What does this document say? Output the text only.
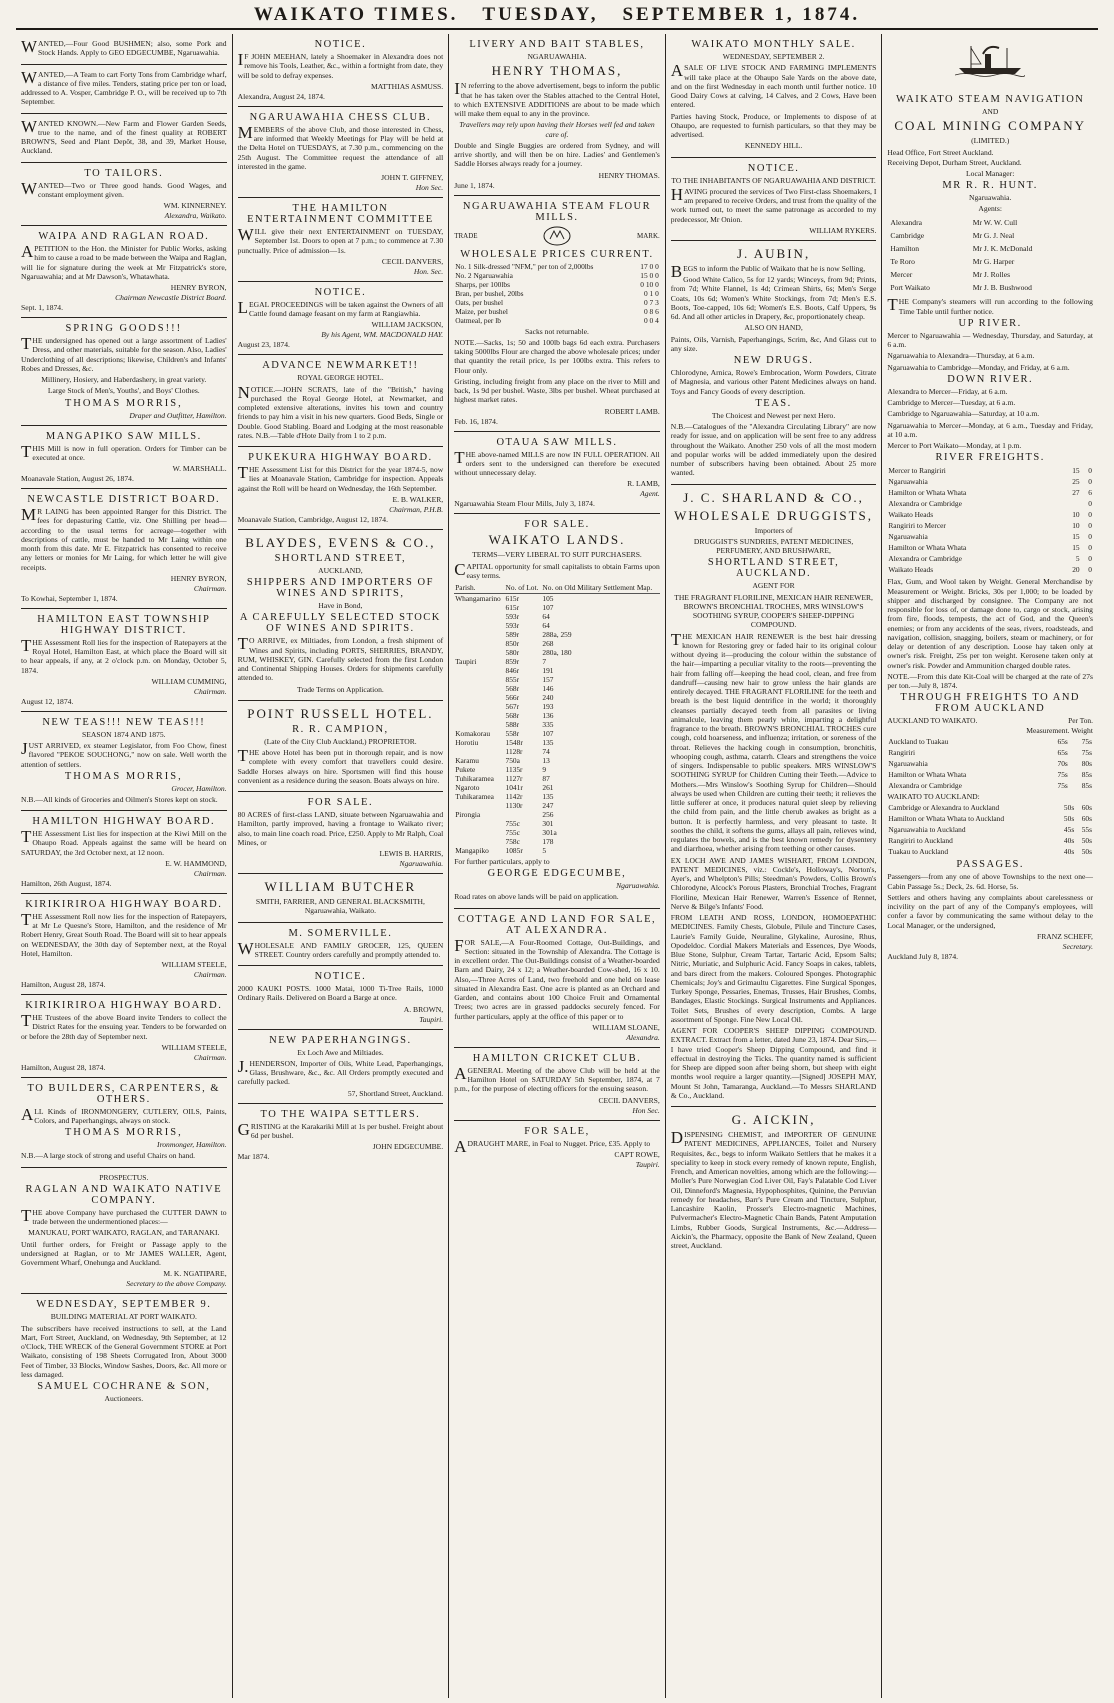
WAIKATO TIMES. TUESDAY, SEPTEMBER 1, 1874.

WANTED,—Four Good BUSHMEN; also, some Pork and Stock Hands. Apply to GEO EDGECUMBE, Ngaruawahia.

WANTED,—A Team to cart Forty Tons from Cambridge wharf, a distance of five miles. Tenders, stating price per ton or load, addressed to A. Vosper, Cambridge P. O., will be received up to 7th September.

WANTED KNOWN.—New Farm and Flower Garden Seeds, true to the name, and of the finest quality at ROBERT BROWN'S, Seed and Plant Depôt, 38, and 39, Market House, Auckland.

TO TAILORS.

WANTED—Two or Three good hands. Good Wages, and constant employment given.

WM. KINNERNEY.
Alexandra, Waikato.
WAIPA AND RAGLAN ROAD.

APETITION to the Hon. the Minister for Public Works, asking him to cause a road to be made between the Waipa and Raglan, will lie for signature during the week at Mr Fitzpatrick's store, Ngaruawahia; and at Mr Dawson's, Whatawhata.

HENRY BYRON,
Chairman Newcastle District Board.
Sept. 1, 1874.
SPRING GOODS!!!

THE undersigned has opened out a large assortment of Ladies' Dress, and other materials, suitable for the season. Also, Ladies' Underclothing of all descriptions; likewise, Children's and Infants' Robes and Dresses, &c.

Millinery, Hosiery, and Haberdashery, in great variety.

Large Stock of Men's, Youths', and Boys' Clothes.

THOMAS MORRIS,
Draper and Outfitter, Hamilton.
MANGAPIKO SAW MILLS.

THIS Mill is now in full operation. Orders for Timber can be executed at once.

W. MARSHALL.
Moanavale Station, August 26, 1874.
NEWCASTLE DISTRICT BOARD.

MR LAING has been appointed Ranger for this District. The fees for depasturing Cattle, viz. One Shilling per head—according to the usual terms for acreage—together with descriptions of cattle, must be handed to Mr Laing within one month from this date. Mr E. Fitzpatrick has consented to receive any letters or monies for Mr Laing, for which letter he will give receipts.

HENRY BYRON,
Chairman.
To Kowhai, September 1, 1874.
HAMILTON EAST TOWNSHIP HIGHWAY DISTRICT.

THE Assessment Roll lies for the inspection of Ratepayers at the Royal Hotel, Hamilton East, at which place the Board will sit to hear appeals, if any, at 2 o'clock p.m. on Monday, October 5, 1874.

WILLIAM CUMMING,
Chairman.
August 12, 1874.
NEW TEAS!!! NEW TEAS!!!
SEASON 1874 AND 1875.

JUST ARRIVED, ex steamer Legislator, from Foo Chow, finest flavored "PEKOE SOUCHONG," now on sale. Well worth the attention of settlers.

THOMAS MORRIS,
Grocer, Hamilton.

N.B.—All kinds of Groceries and Oilmen's Stores kept on stock.

HAMILTON HIGHWAY BOARD.

THE Assessment List lies for inspection at the Kiwi Mill on the Ohaupo Road. Appeals against the same will be heard on SATURDAY, the 3rd October next, at 12 noon.

E. W. HAMMOND,
Chairman.
Hamilton, 26th August, 1874.
KIRIKIRIROA HIGHWAY BOARD.

THE Assessment Roll now lies for the inspection of Ratepayers, at Mr Le Quesne's Store, Hamilton, and the residence of Mr Robert Henry, Great South Road. The Board will sit to hear appeals on WEDNESDAY, the 30th day of September next, at the Royal Hotel, Hamilton.

WILLIAM STEELE,
Chairman.
Hamilton, August 28, 1874.
KIRIKIRIROA HIGHWAY BOARD.

THE Trustees of the above Board invite Tenders to collect the District Rates for the ensuing year. Tenders to be forwarded on or before the 28th day of September next.

WILLIAM STEELE,
Chairman.
Hamilton, August 28, 1874.
TO BUILDERS, CARPENTERS, & OTHERS.

ALL Kinds of IRONMONGERY, CUTLERY, OILS, Paints, Colors, and Paperhangings, always on stock.

THOMAS MORRIS,
Ironmonger, Hamilton.

N.B.—A large stock of strong and useful Chairs on hand.

PROSPECTUS.
RAGLAN AND WAIKATO NATIVE COMPANY.

THE above Company have purchased the CUTTER DAWN to trade between the undermentioned places:—

MANUKAU, PORT WAIKATO, RAGLAN, and TARANAKI.

Until further orders, for Freight or Passage apply to the undersigned at Raglan, or to Mr JAMES WALLER, Agent, Government Wharf, Onehunga and Auckland.

M. K. NGATIPARE,
Secretary to the above Company.
WEDNESDAY, SEPTEMBER 9.
BUILDING MATERIAL AT PORT WAIKATO.

The subscribers have received instructions to sell, at the Land Mart, Fort Street, Auckland, on Wednesday, 9th September, at 12 o'Clock, THE WRECK of the General Government STORE at Port Waikato, consisting of 198 Sheets Corrugated Iron, About 3000 Feet of Timber, 33 Blocks, Window Sashes, Doors, &c. All more or less damaged.

SAMUEL COCHRANE & SON,
Auctioneers.
NOTICE.

IF JOHN MEEHAN, lately a Shoemaker in Alexandra does not remove his Tools, Leather, &c., within a fortnight from date, they will be sold to defray expenses.

MATTHIAS ASMUSS.
Alexandra, August 24, 1874.
NGARUAWAHIA CHESS CLUB.

MEMBERS of the above Club, and those interested in Chess, are informed that Weekly Meetings for Play will be held at the Delta Hotel on TUESDAYS, at 7.30 p.m., commencing on the 25th August. The Committee request the attendance of all interested in the game.

JOHN T. GIFFNEY,
Hon Sec.
THE HAMILTON ENTERTAINMENT COMMITTEE

WILL give their next ENTERTAINMENT on TUESDAY, September 1st. Doors to open at 7 p.m.; to commence at 7.30 punctually. Price of admission—1s.

CECIL DANVERS,
Hon. Sec.
NOTICE.

LEGAL PROCEEDINGS will be taken against the Owners of all Cattle found damage feasant on my farm at Rangiawhia.

WILLIAM JACKSON,
By his Agent, WM. MACDONALD HAY.
August 23, 1874.
ADVANCE NEWMARKET!!
ROYAL GEORGE HOTEL.

NOTICE.—JOHN SCRATS, late of the "British," having purchased the Royal George Hotel, at Newmarket, and completed extensive alterations, invites his town and country friends to pay him a visit in his new quarters. Good Beds, Single or Double. Good Stabling. Board and Lodging at the most reasonable rates. N.B.—Table d'Hote Daily from 1 to 2 p.m.

PUKEKURA HIGHWAY BOARD.

THE Assessment List for this District for the year 1874-5, now lies at Moanavale Station, Cambridge for inspection. Appeals against the Roll will be heard on Wednesday, the 16th September.

E. B. WALKER,
Chairman, P.H.B.
Moanavale Station, Cambridge, August 12, 1874.
BLAYDES, EVENS & CO.,
SHORTLAND STREET,
AUCKLAND,
SHIPPERS AND IMPORTERS OF WINES AND SPIRITS,
Have in Bond,
A CAREFULLY SELECTED STOCK OF WINES AND SPIRITS.

TO ARRIVE, ex Miltiades, from London, a fresh shipment of Wines and Spirits, including PORTS, SHERRIES, BRANDY, RUM, WHISKEY, GIN. Carefully selected from the first London and Continental Shipping Houses. Orders for shipments carefully attended to.

Trade Terms on Application.
POINT RUSSELL HOTEL.
R. R. CAMPION,
(Late of the City Club Auckland,) PROPRIETOR.

THE above Hotel has been put in thorough repair, and is now complete with every comfort that travellers could desire. Saddle Horses always on hire. Sportsmen will find this house convenient as a residence during the season. Boats always on hire.

FOR SALE.

80 ACRES of first-class LAND, situate between Ngaruawahia and Hamilton, partly improved, having a frontage to Waikato river; also, to main line coach road. Price, £250. Apply to Mr Ralph, Coal Mines, or

LEWIS B. HARRIS,
Ngaruawahia.
WILLIAM BUTCHER

SMITH, FARRIER, AND GENERAL BLACKSMITH, Ngaruawahia, Waikato.

M. SOMERVILLE.

WHOLESALE AND FAMILY GROCER, 125, QUEEN STREET. Country orders carefully and promptly attended to.

NOTICE.

2000 KAUKI POSTS. 1000 Matai, 1000 Ti-Tree Rails, 1000 Ordinary Rails. Delivered on Board a Barge at once.

A. BROWN,
Taupiri.
NEW PAPERHANGINGS.
Ex Loch Awe and Miltiades.

J.HENDERSON, Importer of Oils, White Lead, Paperhangings, Glass, Brushware, &c., &c. All Orders promptly executed and carefully packed.

57, Shortland Street, Auckland.
TO THE WAIPA SETTLERS.

GRISTING at the Karakariki Mill at 1s per bushel. Freight about 6d per bushel.

JOHN EDGECUMBE.
Mar 1874.
LIVERY AND BAIT STABLES,
NGARUAWAHIA.
HENRY THOMAS,

IN referring to the above advertisement, begs to inform the public that he has taken over the Stables attached to the Central Hotel, to which EXTENSIVE ADDITIONS are about to be made which will make them equal to any in the province.

Travellers may rely upon having their Horses well fed and taken care of.

Double and Single Buggies are ordered from Sydney, and will arrive shortly, and will then be on hire. Ladies' and Gentlemen's Saddle Horses always ready for a journey.

HENRY THOMAS.
June 1, 1874.
NGARUAWAHIA STEAM FLOUR MILLS.
TRADE	MARK.
WHOLESALE PRICES CURRENT.
No. 1 Silk-dressed "NFM," per ton of 2,000lbs	17 0 0
No. 2 Ngaruawahia	15 0 0
Sharps, per 100lbs	0 10 0
Bran, per bushel, 20lbs	0 1 0
Oats, per bushel	0 7 3
Maize, per bushel	0 8 6
Oatmeal, per lb	0 0 4
Sacks not returnable.

NOTE.—Sacks, 1s; 50 and 100lb bags 6d each extra. Purchasers taking 5000lbs Flour are charged the above wholesale prices; under that quantity the retail price, 1s per 100lbs extra. This refers to Flour only.

Gristing, including freight from any place on the river to Mill and back, 1s 9d per bushel. Waste, 3lbs per bushel. Wheat purchased at highest market rates.

ROBERT LAMB.
Feb. 16, 1874.
OTAUA SAW MILLS.

THE above-named MILLS are now IN FULL OPERATION. All orders sent to the undersigned can therefore be executed without unnecessary delay.

R. LAMB,
Agent.
Ngaruawahia Steam Flour Mills, July 3, 1874.
FOR SALE.
WAIKATO LANDS.
TERMS—VERY LIBERAL TO SUIT PURCHASERS.

CAPITAL opportunity for small capitalists to obtain Farms upon easy terms.

Parish.	No. of Lot.	No. on Old Military Settlement Map.
Whangamarino	615r	105
	615r	107
	593r	64
	593r	64
	589r	288a, 259
	850r	268
	580r	280a, 180
Taupiri	859r	7
	846r	191
	855r	157
	568r	146
	566r	240
	567r	193
	568r	136
	588r	335
Komakorau	558r	107
Horotiu	1548r	135
	1128r	74
Karamu	750a	13
Pukete	1135r	9
Tuhikaramea	1127r	87
Ngaroto	1041r	261
Tuhikaramea	1142r	135
	1130r	247
Pirongia		256
	755c	301
	755c	301a
	758c	178
Mangapiko	1085r	5

For further particulars, apply to

GEORGE EDGECUMBE,
Ngaruawahia.

Road rates on above lands will be paid on application.

COTTAGE AND LAND FOR SALE, AT ALEXANDRA.

FOR SALE,—A Four-Roomed Cottage, Out-Buildings, and Section: situated in the Township of Alexandra. The Cottage is in excellent order. The Out-Buildings consist of a Weather-boarded Barn and Dairy, 24 x 12; a Weather-boarded Cow-shed, 16 x 10. Also,—Three Acres of Land, two freehold and one held on lease situated in Alexandra East. One acre is planted as an Orchard and Garden, and contains about 100 Choice Fruit and Ornamental Trees; two acres are in grassed paddocks securely fenced. For further particulars, apply at the office of this paper or to

WILLIAM SLOANE,
Alexandra.
HAMILTON CRICKET CLUB.

AGENERAL Meeting of the above Club will be held at the Hamilton Hotel on SATURDAY 5th September, 1874, at 7 p.m., for the purpose of electing officers for the ensuing season.

CECIL DANVERS,
Hon Sec.
FOR SALE,

ADRAUGHT MARE, in Foal to Nugget. Price, £35. Apply to

CAPT ROWE,
Taupiri.
WAIKATO MONTHLY SALE.
WEDNESDAY, SEPTEMBER 2.

ASALE OF LIVE STOCK AND FARMING IMPLEMENTS will take place at the Ohaupo Sale Yards on the above date, and on the first Wednesday in each month until further notice. 10 Good Dairy Cows at calving, 14 Calves, and 2 Cows, Have been entered.

Parties having Stock, Produce, or Implements to dispose of at Ohaupo, are requested to furnish particulars, so that they may be advertised.

KENNEDY HILL.
NOTICE.
TO THE INHABITANTS OF NGARUAWAHIA AND DISTRICT.

HAVING procured the services of Two First-class Shoemakers, I am prepared to receive Orders, and trust from the quality of the work turned out, to meet the same patronage as accorded to my predecessor, Mr Onion.

WILLIAM RYKERS.
J. AUBIN,

BEGS to inform the Public of Waikato that he is now Selling,

Good White Calico, 5s for 12 yards; Winceys, from 9d; Prints, from 7d; White Flannel, 1s 4d; Crimean Shirts, 6s; Men's Serge Coats, 10s 6d; Women's White Stockings, from 7d; Men's E.S. Boots, Toe-capped, 10s 6d; Women's E.S. Boots, Calf Uppers, 9s 6d. And all other articles in Drapery, &c, proportionately cheap.

ALSO ON HAND,

Paints, Oils, Varnish, Paperhangings, Scrim, &c, And Glass cut to any size.

NEW DRUGS.

Chlorodyne, Arnica, Rowe's Embrocation, Worm Powders, Citrate of Magnesia, and various other Patent Medicines always on hand. Toys and Fancy Goods of every description.

TEAS.

The Choicest and Newest per next Hero.

N.B.—Catalogues of the "Alexandra Circulating Library" are now ready for issue, and on application will be sent free to any address throughout the Waikato. Another 250 vols of all the most modern and popular works will be added immediately upon the desired number of subscribers having been obtained. About 25 more wanted.

J. C. SHARLAND & CO.,
WHOLESALE DRUGGISTS,
Importers of
DRUGGIST'S SUNDRIES, PATENT MEDICINES, PERFUMERY, AND BRUSHWARE,
SHORTLAND STREET, AUCKLAND.
AGENT FOR
THE FRAGRANT FLORILINE, MEXICAN HAIR RENEWER, BROWN'S BRONCHIAL TROCHES, MRS WINSLOW'S SOOTHING SYRUP, COOPER'S SHEEP-DIPPING COMPOUND.

THE MEXICAN HAIR RENEWER is the best hair dressing known for Restoring grey or faded hair to its original colour without dyeing it—producing the colour within the substance of the hair—imparting a peculiar vitality to the roots—preventing the hair from falling off—keeping the head cool, clean, and free from dandruff—causing new hair to grow unless the hair glands are entirely decayed. THE FRAGRANT FLORILINE for the teeth and breath is the best liquid dentrifice in the world; it thoroughly cleanses partially decayed teeth from all parasites or living animalcule, leaving them pearly white, imparting a delightful fragrance to the breath. BROWN'S BRONCHIAL TROCHES cure cough, cold hoarseness, and influenza; irritation, or soreness of the throat. Relieves the hacking cough in consumption, bronchitis, whooping cough, asthma, catarrh. Clears and strengthens the voice of singers. Indispensable to public speakers. MRS WINSLOW'S SOOTHING SYRUP for Children Cutting their Teeth.—Advice to Mothers.—Mrs Winslow's Soothing Syrup for Children—Should always be used when Children are cutting their teeth; it relieves the little sufferer at once, it produces natural quiet sleep by relieving the child from pain, and the little cherub awakes as bright as a button. It is perfectly harmless, and very pleasant to taste. It soothes the child, it softens the gums, allays all pain, relieves wind, regulates the bowels, and is the best known remedy for dysentery and diarrhoea, whether arising from teething or other causes.

EX LOCH AWE AND JAMES WISHART, FROM LONDON, PATENT MEDICINES, viz.: Cockle's, Holloway's, Norton's, Ayer's, and Whelpton's Pills; Steedman's Powders, Collis Brown's Chlorodyne, Alcock's Porous Plasters, Bronchial Troches, Fragrant Floriline, Mexican Hair Renewer, Warren's Essence of Rennet, Nerve & Bilge's Infants' Food.

FROM LEATH AND ROSS, LONDON, HOMOEPATHIC MEDICINES. Family Chests, Globule, Pilule and Tincture Cases, Laurie's Family Guide, Neuraline, Glykaline, Aurosine, Rhus, Opodeldoc. Cordial Makers Materials and Essences, Dye Woods, Blue Stone, Sulphur, Cream Tartar, Tartaric Acid, Epsom Salts; Nitric, Muriatic, and Sulphuric Acid. Fancy Soaps in cakes, tablets, and bars direct from the makers. Coloured Sponges. Photographic Chemicals; Joy's and Grimaultu Cigarettes. Fine Surgical Sponges, Turkey Sponge, Pessaries, Enemas, Trusses, Hair Brushes, Combs, Bandages, Elastic Stockings. Surgical Instruments and Appliances. Toilet Sets, Brushes of every description, Combs. A large assortment of Sponge. Fine New Local Oil.

AGENT FOR COOPER'S SHEEP DIPPING COMPOUND. EXTRACT. Extract from a letter, dated June 23, 1874. Dear Sirs,—I have tried Cooper's Sheep Dipping Compound, and find it effectual in destroying the Ticks. The quantity named is sufficient for Sheep are dipped soon after being shorn, but sheep with eight months wool require a larger quantity.—[Signed] JOSEPH MAY, Mount St John, Tamaranga, Auckland.—To Messrs SHARLAND & Co., Auckland.

G. AICKIN,

DISPENSING CHEMIST, and IMPORTER OF GENUINE PATENT MEDICINES, APPLIANCES, Toilet and Nursery Requisites, &c., begs to inform Waikato Settlers that he makes it a speciality to keep in stock every remedy of known repute, English, French, and American novelties, among which are the following:—Moller's Pure Norwegian Cod Liver Oil, Fay's Palatable Cod Liver Oil, Dinneford's Magnesia, Hypophosphites, Quinine, the Peruvian remedy for headaches, Barr's Pure Cream and Tincture, Sulphur, Lancashire Kaolin, Prosser's Electro-magnetic Machines, Pulvermacher's Electro-Magnetic Chain Bands, Patent Amputation Limbs, Rubber Goods, Surgical Instruments, &c.—Address—Aickin's, the Pharmacy, opposite the Bank of New Zealand, Queen street, Auckland.

WAIKATO STEAM NAVIGATION
AND
COAL MINING COMPANY
(LIMITED.)
Head Office, Fort Street Auckland.
Receiving Depot, Durham Street, Auckland.
Local Manager:
MR R. R. HUNT.
Ngaruawahia.
Agents:
Alexandra	Mr W. W. Cull
Cambridge	Mr G. J. Neal
Hamilton	Mr J. K. McDonald
Te Roro	Mr G. Harper
Mercer	Mr J. Rolles
Port Waikato	Mr J. B. Bushwood

THE Company's steamers will run according to the following Time Table until further notice.

UP RIVER.

Mercer to Ngaruawahia — Wednesday, Thursday, and Saturday, at 6 a.m.

Ngaruawahia to Alexandra—Thursday, at 6 a.m.

Ngaruawahia to Cambridge—Monday, and Friday, at 6 a.m.

DOWN RIVER.

Alexandra to Mercer—Friday, at 6 a.m.

Cambridge to Mercer—Tuesday, at 6 a.m.

Cambridge to Ngaruawahia—Saturday, at 10 a.m.

Ngaruawahia to Mercer—Monday, at 6 a.m., Tuesday and Friday, at 10 a.m.

Mercer to Port Waikato—Monday, at 1 p.m.

RIVER FREIGHTS.
Mercer to Rangiriri	15	0
Ngaruawahia	25	0
Hamilton or Whata Whata	27	6
Alexandra or Cambridge		0
Waikato Heads	10	0
Rangiriri to Mercer	10	0
Ngaruawahia	15	0
Hamilton or Whata Whata	15	0
Alexandra or Cambridge	5	0
Waikato Heads	20	0

Flax, Gum, and Wool taken by Weight. General Merchandise by Measurement or Weight. Bricks, 30s per 1,000; to be loaded by shipper and discharged by consignee. The Company are not responsible for loss of, or damage done to, cargo or stock, arising from fire, floods, tempests, the act of God, and the Queen's enemies; or from any accidents of the seas, rivers, roadsteads, and navigation, collision, snagging, boilers, steam or machinery, or for delay or detention of any description. Loose hay taken only at owner's risk. Freight, 25s per ton weight. Kerosene taken only at owner's risk. Powder and Ammunition charged double rates.

NOTE.—From this date Kit-Coal will be charged at the rate of 27s per ton.—July 8, 1874.

THROUGH FREIGHTS TO AND FROM AUCKLAND
AUCKLAND TO WAIKATO.	Per Ton.
Measurement. Weight
Auckland to Tuakau	65s	75s
Rangiriri	65s	75s
Ngaruawahia	70s	80s
Hamilton or Whata Whata	75s	85s
Alexandra or Cambridge	75s	85s
WAIKATO TO AUCKLAND:
Cambridge or Alexandra to Auckland	50s	60s
Hamilton or Whata Whata to Auckland	50s	60s
Ngaruawahia to Auckland	45s	55s
Rangiriri to Auckland	40s	50s
Tuakau to Auckland	40s	50s
PASSAGES.

Passengers—from any one of above Townships to the next one—Cabin Passage 5s.; Deck, 2s. 6d. Horse, 5s.

Settlers and others having any complaints about carelessness or incivility on the part of any of the Company's employees, will confer a favor by communicating the same without delay to the Local Manager, or the undersigned,

FRANZ SCHEFF,
Secretary.
Auckland July 8, 1874.
